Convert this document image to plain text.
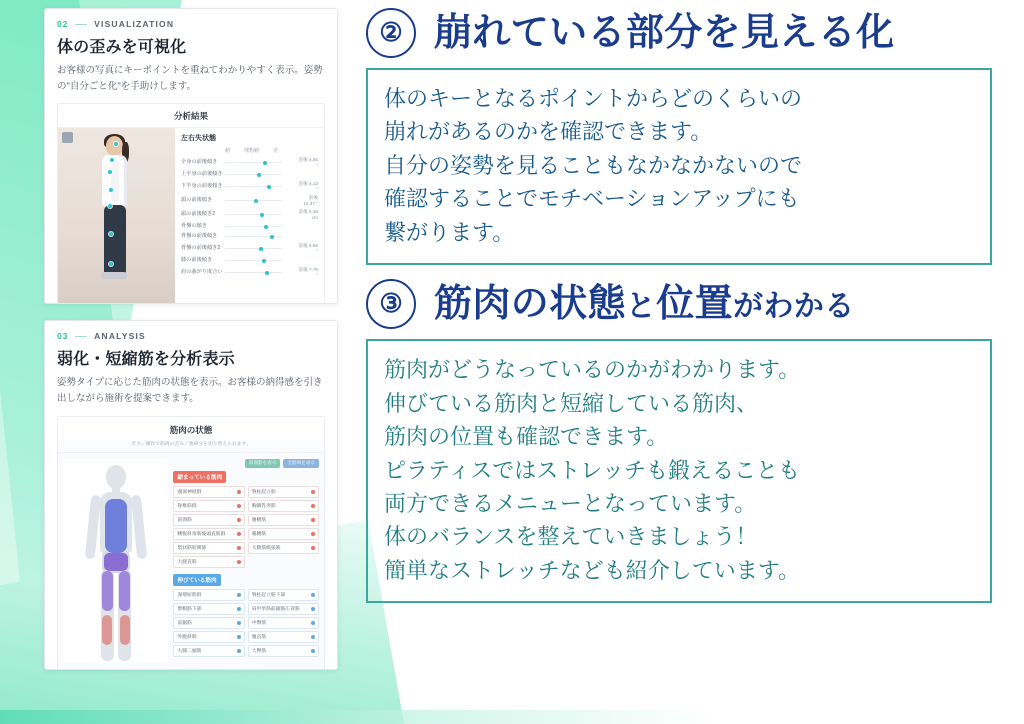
02	VISUALIZATION
体の歪みを可視化

お客様の写真にキーポイントを重ねてわかりやすく表示。姿勢の"自分ごと化"を手助けします。

分析結果
左右失状態
値	理想値	差
全身の前後傾き	前後 4.66 °
上半身の前後傾き
下半身の前後傾き	前後 4.13 °
頭の前後傾き	前後 10.37 °
頭の前後傾き2	前後 5.48 cm
骨盤の傾き
骨盤の前後傾き
骨盤の前後傾き2	前後 5.59 °
膝の前後傾き
肩の曲がり度合い	前後 7.76 °
03	ANALYSIS
弱化・短縮筋を分析表示

姿勢タイプに応じた筋肉の状態を表示。お客様の納得感を引き出しながら施術を提案できます。

筋肉の状態
ボタン操作で筋肉の歪み／弛緩分を切り替えられます。
前面筋を表示	全筋肉を表示
縮まっている筋肉
頭部神経群	脊柱起立筋
脊椎筋群	胸鎖乳突筋
前頸筋	腹横筋
腰腹斜角筋後頭直筋群	腸腰筋
梨状筋股関節	大腿筋膜張筋
大腿直筋
伸びている筋肉
深層屈筋群	脊柱起立筋下部
僧帽筋下部	肩甲挙筋前鋸筋広背筋
前鋸筋	中臀筋
外腹斜筋	腹直筋
大腿二頭筋	大臀筋
② 崩れている部分を見える化
体のキーとなるポイントからどのくらいの
崩れがあるのかを確認できます。
自分の姿勢を見ることもなかなかないので
確認することでモチベーションアップにも
繋がります。
③ 筋肉の状態と位置がわかる
筋肉がどうなっているのかがわかります。
伸びている筋肉と短縮している筋肉、
筋肉の位置も確認できます。
ピラティスではストレッチも鍛えることも
両方できるメニューとなっています。
体のバランスを整えていきましょう！
簡単なストレッチなども紹介しています。
